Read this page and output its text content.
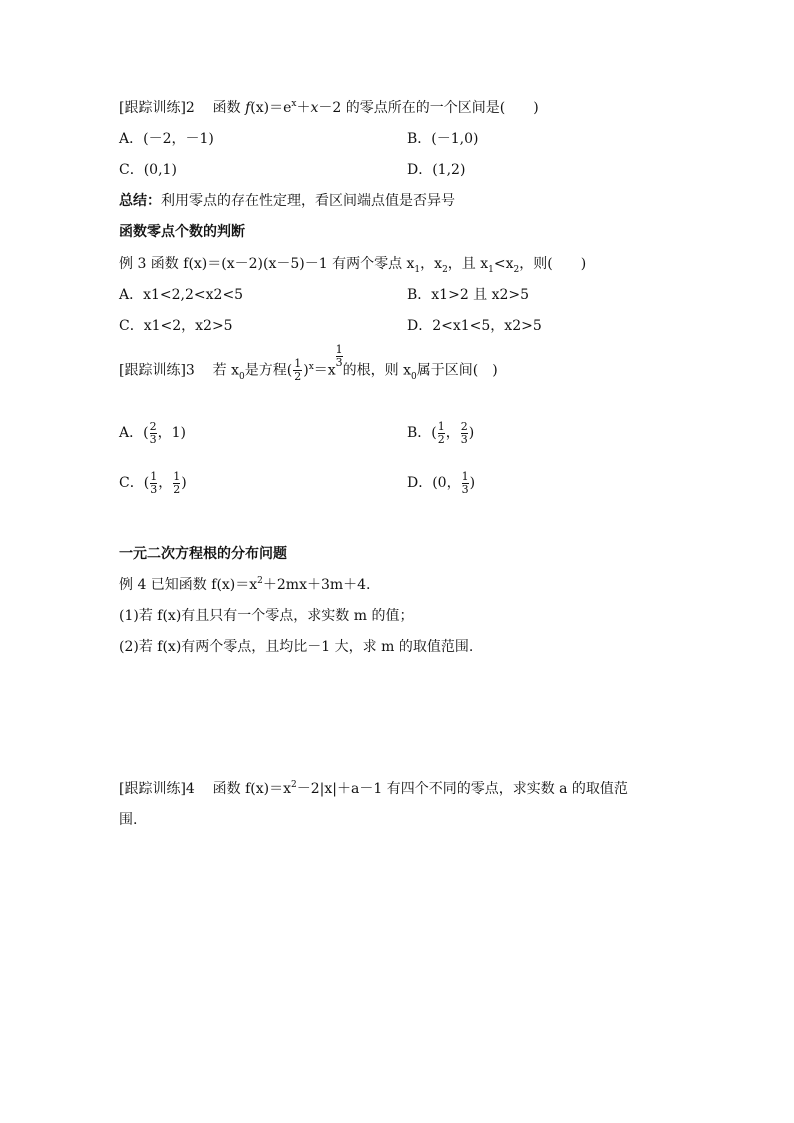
[跟踪训练]2 函数 $f(x)=e^x+x-2$ 的零点所在的一个区间是(　　)
A．(－2，－1)	B．(－1,0)
C．(0,1)	D．(1,2)
总结：利用零点的存在性定理，看区间端点值是否异号
函数零点个数的判断
例 3 函数 f(x)＝(x－2)(x－5)－1 有两个零点 $x_1$，$x_2$，且 $x_1<x_2$，则(　　)
A．x1<2,2<x2<5	B．x1>2 且 x2>5
C．x1<2，x2>5	D．2<x1<5，x2>5
[跟踪训练]3 若 $x_0$是方程( $\frac{1}{2} )^x=x$
$\frac{1}{3}$
的根，则 $x_0$属于区间(　)
A．( $\frac{2}{3}$ ，1)	B．( $\frac{1}{2}$ ， $\frac{2}{3}$ )
C．( $\frac{1}{3}$ ， $\frac{1}{2}$ )	D．(0， $\frac{1}{3}$ )
一元二次方程根的分布问题
例 4 已知函数 $f(x)=x^2+2mx+3m+4$.
(1)若 f(x)有且只有一个零点，求实数 m 的值；
(2)若 f(x)有两个零点，且均比－1 大，求 m 的取值范围.
[跟踪训练]4 函数 $f(x)=x^2-2|x|+a-1$ 有四个不同的零点，求实数 a 的取值范
围.
